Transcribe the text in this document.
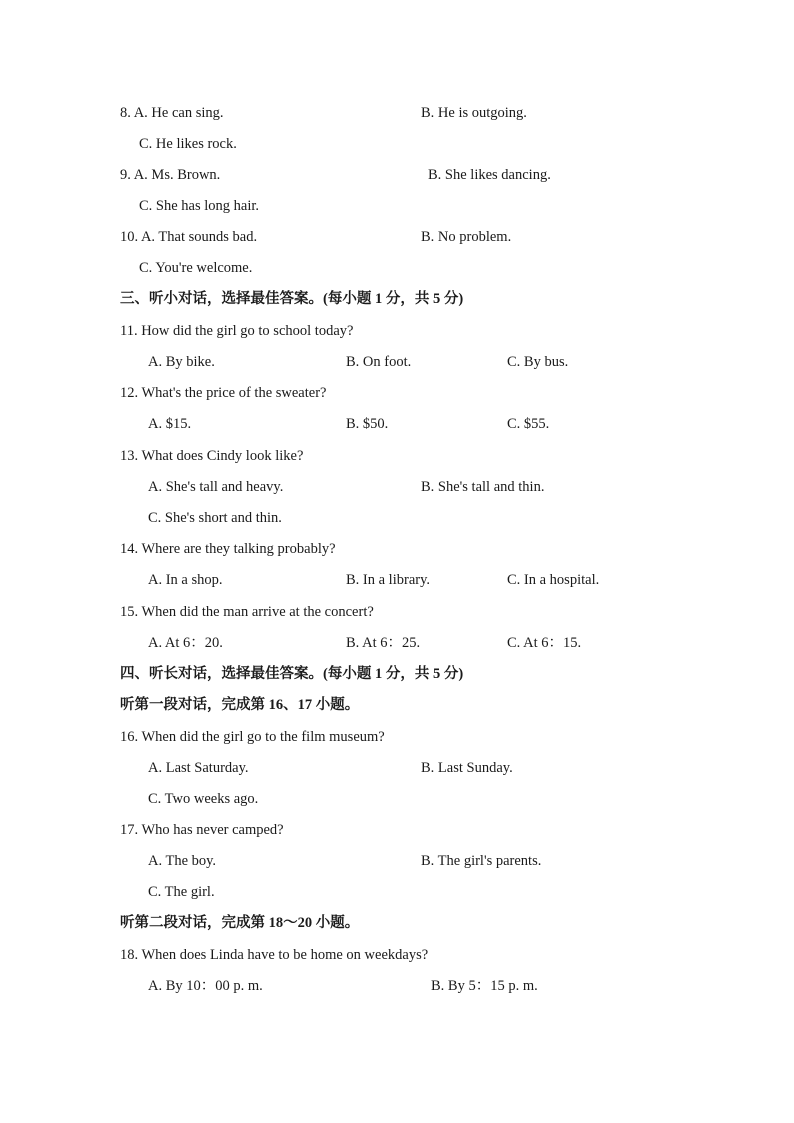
8. A. He can sing.	B. He is outgoing.
C. He likes rock.
9. A. Ms. Brown.	B. She likes dancing.
C. She has long hair.
10. A. That sounds bad.	B. No problem.
C. You're welcome.
三、听小对话，选择最佳答案。(每小题 1 分，共 5 分)
11. How did the girl go to school today?
A. By bike.	B. On foot.	C. By bus.
12. What's the price of the sweater?
A. $15.	B. $50.	C. $55.
13. What does Cindy look like?
A. She's tall and heavy.	B. She's tall and thin.
C. She's short and thin.
14. Where are they talking probably?
A. In a shop.	B. In a library.	C. In a hospital.
15. When did the man arrive at the concert?
A. At 6：20.	B. At 6：25.	C. At 6：15.
四、听长对话，选择最佳答案。(每小题 1 分，共 5 分)
听第一段对话，完成第 16、17 小题。
16. When did the girl go to the film museum?
A. Last Saturday.	B. Last Sunday.
C. Two weeks ago.
17. Who has never camped?
A. The boy.	B. The girl's parents.
C. The girl.
听第二段对话，完成第 18～20 小题。
18. When does Linda have to be home on weekdays?
A. By 10：00 p. m.	B. By 5：15 p. m.
